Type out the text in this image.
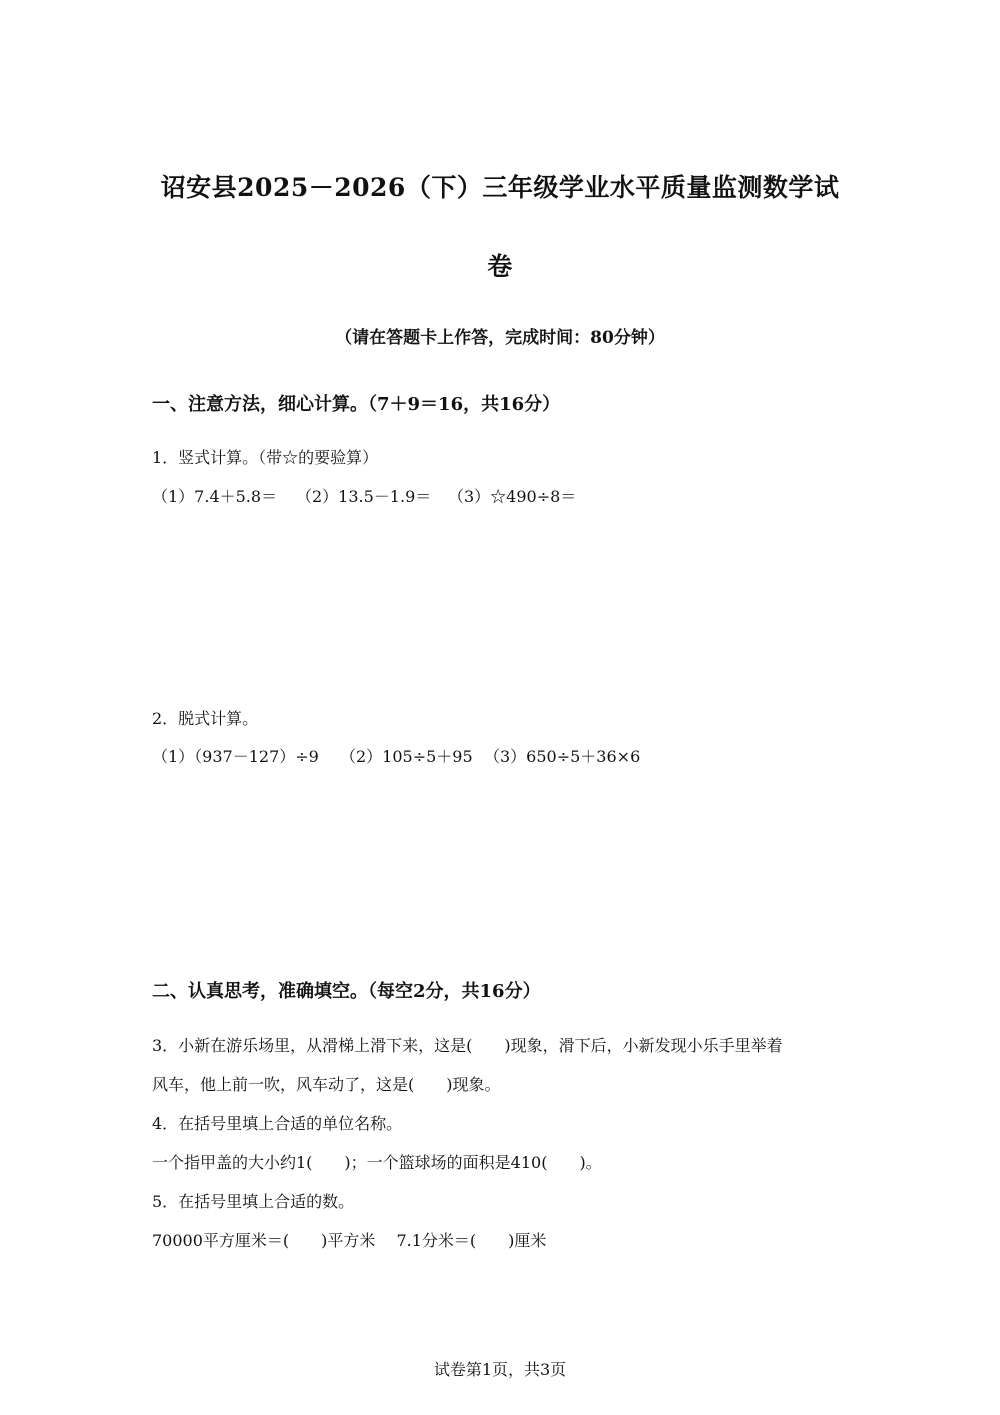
诏安县2025－2026（下）三年级学业水平质量监测数学试
卷
（请在答题卡上作答，完成时间：80分钟）
一、注意方法，细心计算。（7＋9＝16，共16分）
1．竖式计算。（带☆的要验算）
（1）7.4＋5.8＝ （2）13.5－1.9＝ （3）☆490÷8＝
2．脱式计算。
（1）（937－127）÷9 （2）105÷5＋95 （3）650÷5＋36×6
二、认真思考，准确填空。（每空2分，共16分）
3．小新在游乐场里，从滑梯上滑下来，这是(　　)现象，滑下后，小新发现小乐手里举着
风车，他上前一吹，风车动了，这是(　　)现象。
4．在括号里填上合适的单位名称。
一个指甲盖的大小约1(　　)；一个篮球场的面积是410(　　)。
5．在括号里填上合适的数。
70000平方厘米＝(　　)平方米　 7.1分米＝(　　)厘米
试卷第1页，共3页
